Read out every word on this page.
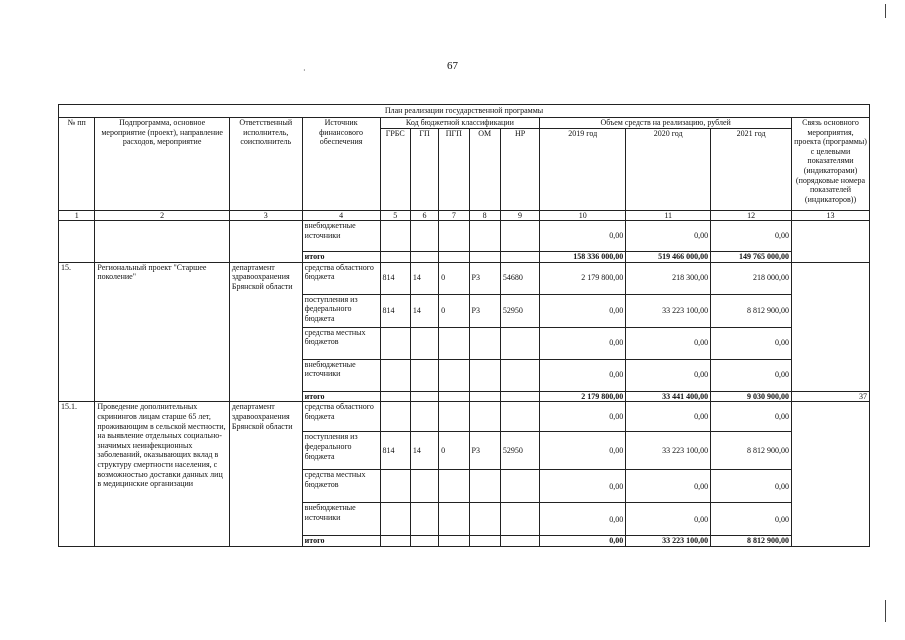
67
·
План реализации государственной программы												
№ пп	Подпрограмма, основное мероприятие (проект), направление расходов, мероприятие	Ответственный исполнитель, соисполнитель	Источник финансового обеспечения	Код бюджетной классификации					Объем средств на реализацию, рублей			Связь основного мероприятия, проекта (программы) с целевыми показателями (индикаторами) (порядковые номера показателей (индикаторов))
				ГРБС	ГП	ПГП	ОМ	НР	2019 год	2020 год	2021 год	
1	2	3	4	5	6	7	8	9	10	11	12	13
			внебюджетные источники						0,00	0,00	0,00	
			итого						158 336 000,00	519 466 000,00	149 765 000,00	
15.	Региональный проект "Старшее поколение"	департамент здравоохранения Брянской области	средства областного бюджета	814	14	0	P3	54680	2 179 800,00	218 300,00	218 000,00	
			поступления из федерального бюджета	814	14	0	P3	52950	0,00	33 223 100,00	8 812 900,00	
			средства местных бюджетов						0,00	0,00	0,00	
			внебюджетные источники						0,00	0,00	0,00	
			итого						2 179 800,00	33 441 400,00	9 030 900,00	37
15.1.	Проведение дополнительных скринингов лицам старше 65 лет, проживающим в сельской местности, на выявление отдельных социально-значимых неинфекционных заболеваний, оказывающих вклад в структуру смертности населения, с возможностью доставки данных лиц в медицинские организации	департамент здравоохранения Брянской области	средства областного бюджета						0,00	0,00	0,00	
			поступления из федерального бюджета	814	14	0	P3	52950	0,00	33 223 100,00	8 812 900,00	
			средства местных бюджетов						0,00	0,00	0,00	
			внебюджетные источники						0,00	0,00	0,00	
			итого						0,00	33 223 100,00	8 812 900,00	
